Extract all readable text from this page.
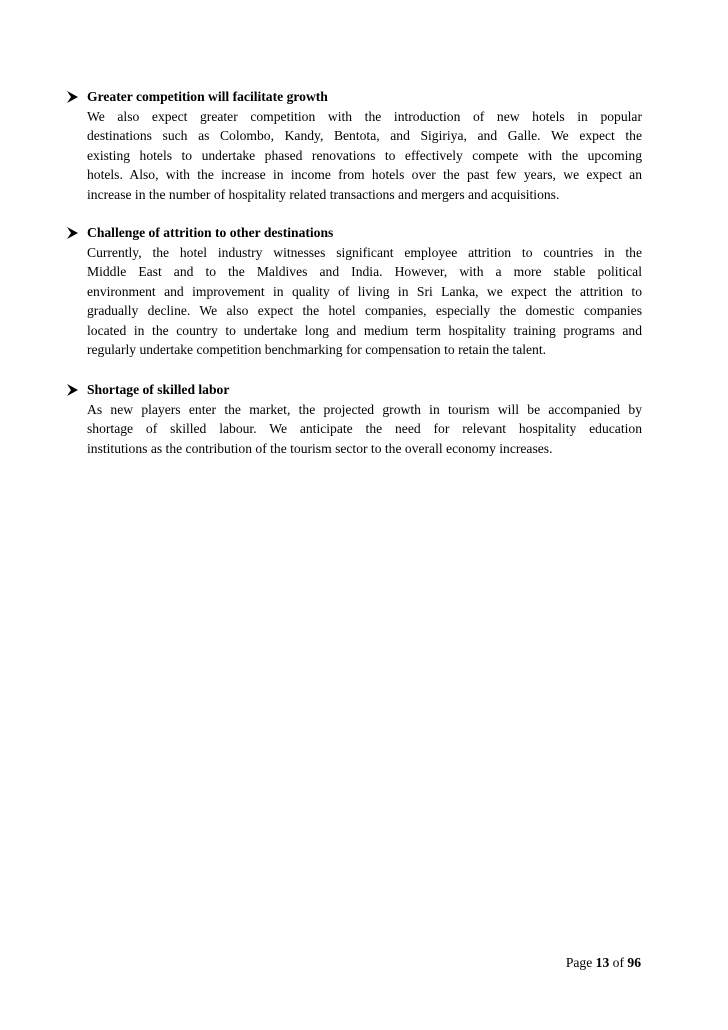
Greater competition will facilitate growth
We also expect greater competition with the introduction of new hotels in popular
destinations such as Colombo, Kandy, Bentota, and Sigiriya, and Galle. We expect the
existing hotels to undertake phased renovations to effectively compete with the upcoming
hotels. Also, with the increase in income from hotels over the past few years, we expect an
increase in the number of hospitality related transactions and mergers and acquisitions.
Challenge of attrition to other destinations
Currently, the hotel industry witnesses significant employee attrition to countries in the
Middle East and to the Maldives and India. However, with a more stable political
environment and improvement in quality of living in Sri Lanka, we expect the attrition to
gradually decline. We also expect the hotel companies, especially the domestic companies
located in the country to undertake long and medium term hospitality training programs and
regularly undertake competition benchmarking for compensation to retain the talent.
Shortage of skilled labor
As new players enter the market, the projected growth in tourism will be accompanied by
shortage of skilled labour. We anticipate the need for relevant hospitality education
institutions as the contribution of the tourism sector to the overall economy increases.
Page 13 of 96
